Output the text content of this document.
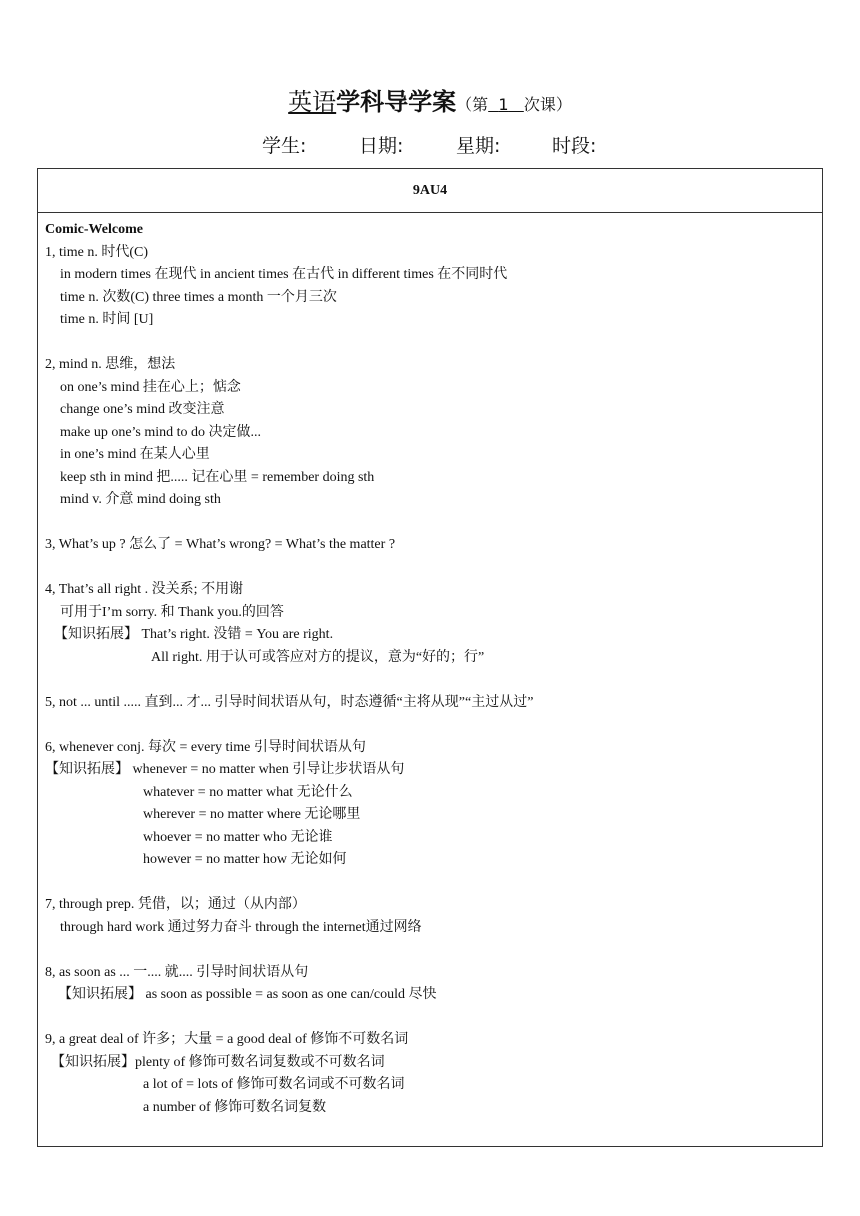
英语学科导学案（第 1 次课）
学生:	日期:	星期:	时段:
9AU4
Comic-Welcome
1, time n. 时代(C)
in modern times 在现代 in ancient times 在古代 in different times 在不同时代
time n. 次数(C) three times a month 一个月三次
time n. 时间 [U]
2, mind n. 思维，想法
on one’s mind 挂在心上；惦念
change one’s mind 改变注意
make up one’s mind to do 决定做...
in one’s mind 在某人心里
keep sth in mind 把..... 记在心里 = remember doing sth
mind v. 介意 mind doing sth
3, What’s up ? 怎么了 = What’s wrong? = What’s the matter ?
4, That’s all right . 没关系; 不用谢
可用于I’m sorry. 和 Thank you.的回答
【知识拓展】 That’s right. 没错 = You are right.
All right. 用于认可或答应对方的提议，意为“好的；行”
5, not ... until ..... 直到... 才... 引导时间状语从句，时态遵循“主将从现”“主过从过”
6, whenever conj. 每次 = every time 引导时间状语从句
【知识拓展】 whenever = no matter when 引导让步状语从句
whatever = no matter what 无论什么
wherever = no matter where 无论哪里
whoever = no matter who 无论谁
however = no matter how 无论如何
7, through prep. 凭借，以；通过（从内部）
through hard work 通过努力奋斗 through the internet通过网络
8, as soon as ... 一.... 就.... 引导时间状语从句
【知识拓展】 as soon as possible = as soon as one can/could 尽快
9, a great deal of 许多；大量 = a good deal of 修饰不可数名词
【知识拓展】plenty of 修饰可数名词复数或不可数名词
a lot of = lots of 修饰可数名词或不可数名词
a number of 修饰可数名词复数
